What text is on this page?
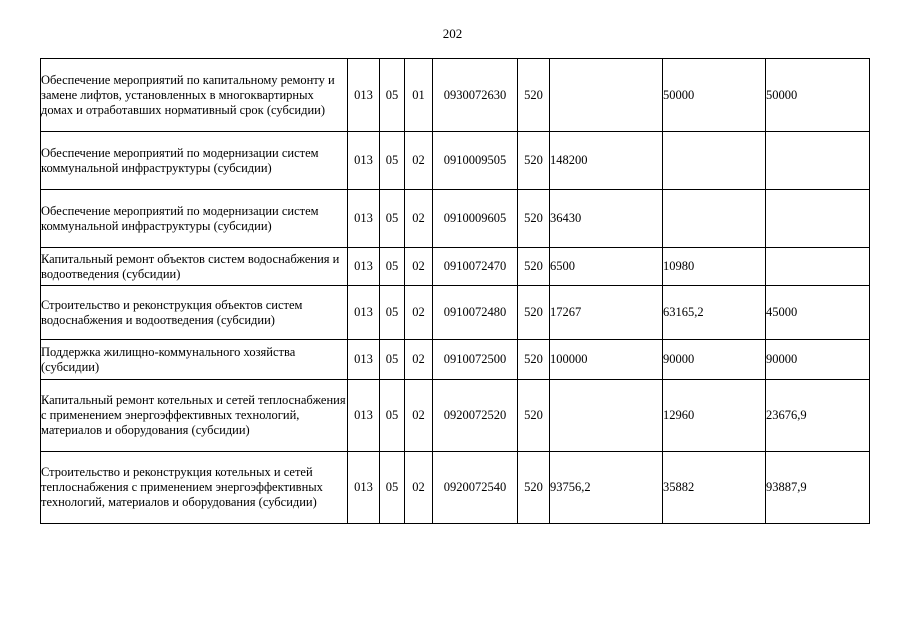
202
Обеспечение мероприятий по капитальному ремонту и замене лифтов, установленных в многоквартирных домах и отработавших нормативный срок (субсидии)	013	05	01	0930072630	520		50000	50000
Обеспечение мероприятий по модернизации систем коммунальной инфраструктуры (субсидии)	013	05	02	0910009505	520	148200		
Обеспечение мероприятий по модернизации систем коммунальной инфраструктуры (субсидии)	013	05	02	0910009605	520	36430		
Капитальный ремонт объектов систем водоснабжения и водоотведения (субсидии)	013	05	02	0910072470	520	6500	10980	
Строительство и реконструкция объектов систем водоснабжения и водоотведения (субсидии)	013	05	02	0910072480	520	17267	63165,2	45000
Поддержка жилищно-коммунального хозяйства (субсидии)	013	05	02	0910072500	520	100000	90000	90000
Капитальный ремонт котельных и сетей теплоснабжения с применением энергоэффективных технологий, материалов и оборудования (субсидии)	013	05	02	0920072520	520		12960	23676,9
Строительство и реконструкция котельных и сетей теплоснабжения с применением энергоэффективных технологий, материалов и оборудования (субсидии)	013	05	02	0920072540	520	93756,2	35882	93887,9
